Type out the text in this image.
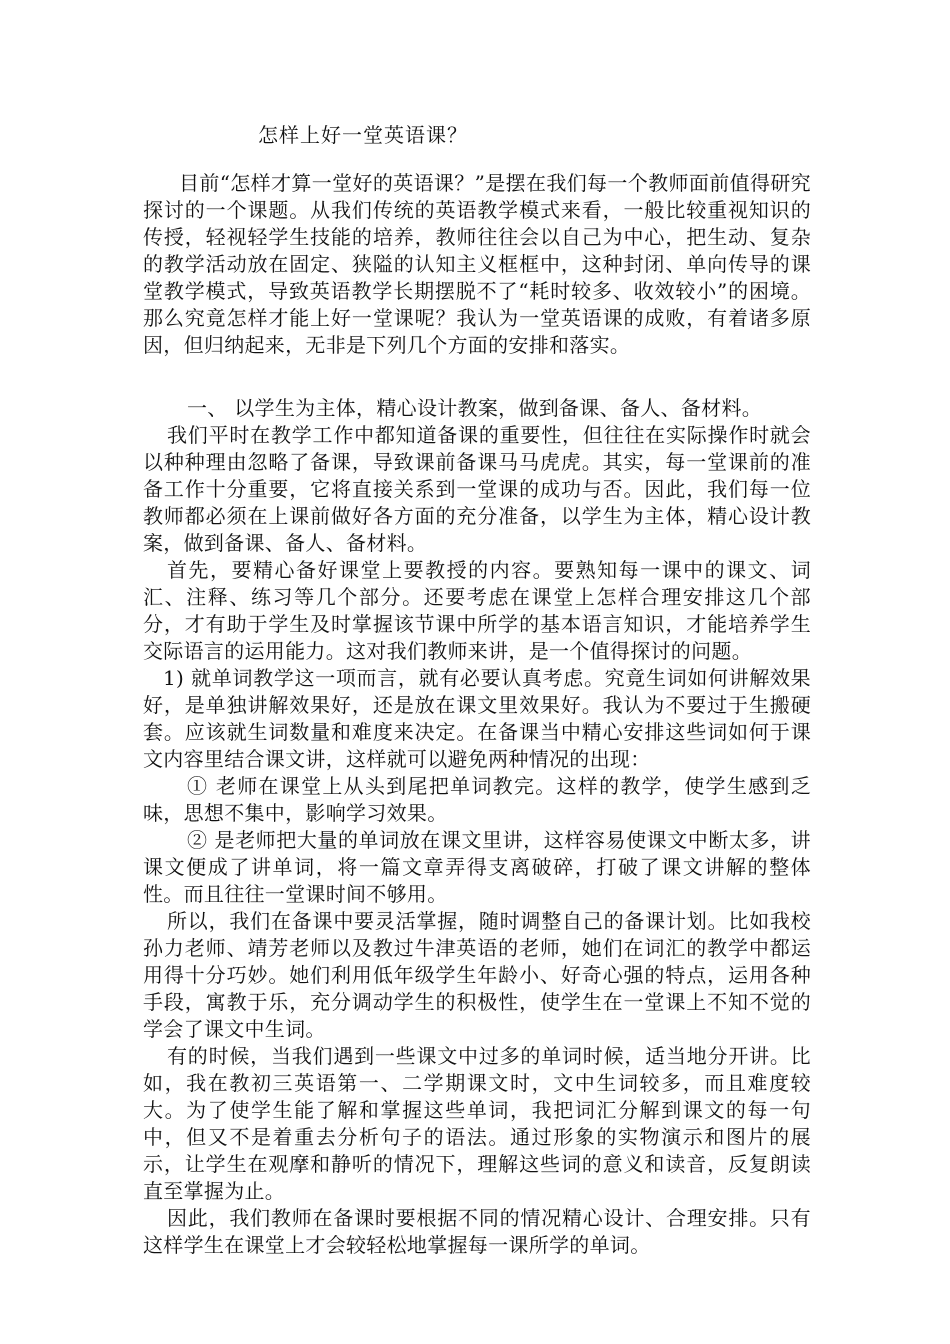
怎样上好一堂英语课？

目前“怎样才算一堂好的英语课？”是摆在我们每一个教师面前值得研究探讨的一个课题。从我们传统的英语教学模式来看，一般比较重视知识的传授，轻视轻学生技能的培养，教师往往会以自己为中心，把生动、复杂的教学活动放在固定、狭隘的认知主义框框中，这种封闭、单向传导的课堂教学模式，导致英语教学长期摆脱不了“耗时较多、收效较小”的困境。那么究竟怎样才能上好一堂课呢？我认为一堂英语课的成败，有着诸多原因，但归纳起来，无非是下列几个方面的安排和落实。

一、 以学生为主体，精心设计教案，做到备课、备人、备材料。

我们平时在教学工作中都知道备课的重要性，但往往在实际操作时就会以种种理由忽略了备课，导致课前备课马马虎虎。其实，每一堂课前的准备工作十分重要，它将直接关系到一堂课的成功与否。因此，我们每一位教师都必须在上课前做好各方面的充分准备，以学生为主体，精心设计教案，做到备课、备人、备材料。

首先，要精心备好课堂上要教授的内容。要熟知每一课中的课文、词汇、注释、练习等几个部分。还要考虑在课堂上怎样合理安排这几个部分，才有助于学生及时掌握该节课中所学的基本语言知识，才能培养学生交际语言的运用能力。这对我们教师来讲，是一个值得探讨的问题。

1) 就单词教学这一项而言，就有必要认真考虑。究竟生词如何讲解效果好，是单独讲解效果好，还是放在课文里效果好。我认为不要过于生搬硬套。应该就生词数量和难度来决定。在备课当中精心安排这些词如何于课文内容里结合课文讲，这样就可以避免两种情况的出现：

① 老师在课堂上从头到尾把单词教完。这样的教学，使学生感到乏味，思想不集中，影响学习效果。

② 是老师把大量的单词放在课文里讲，这样容易使课文中断太多，讲课文便成了讲单词，将一篇文章弄得支离破碎，打破了课文讲解的整体性。而且往往一堂课时间不够用。

所以，我们在备课中要灵活掌握，随时调整自己的备课计划。比如我校孙力老师、靖芳老师以及教过牛津英语的老师，她们在词汇的教学中都运用得十分巧妙。她们利用低年级学生年龄小、好奇心强的特点，运用各种手段，寓教于乐，充分调动学生的积极性，使学生在一堂课上不知不觉的学会了课文中生词。

有的时候，当我们遇到一些课文中过多的单词时候，适当地分开讲。比如，我在教初三英语第一、二学期课文时，文中生词较多，而且难度较大。为了使学生能了解和掌握这些单词，我把词汇分解到课文的每一句中，但又不是着重去分析句子的语法。通过形象的实物演示和图片的展示，让学生在观摩和静听的情况下，理解这些词的意义和读音，反复朗读直至掌握为止。

因此，我们教师在备课时要根据不同的情况精心设计、合理安排。只有这样学生在课堂上才会较轻松地掌握每一课所学的单词。
